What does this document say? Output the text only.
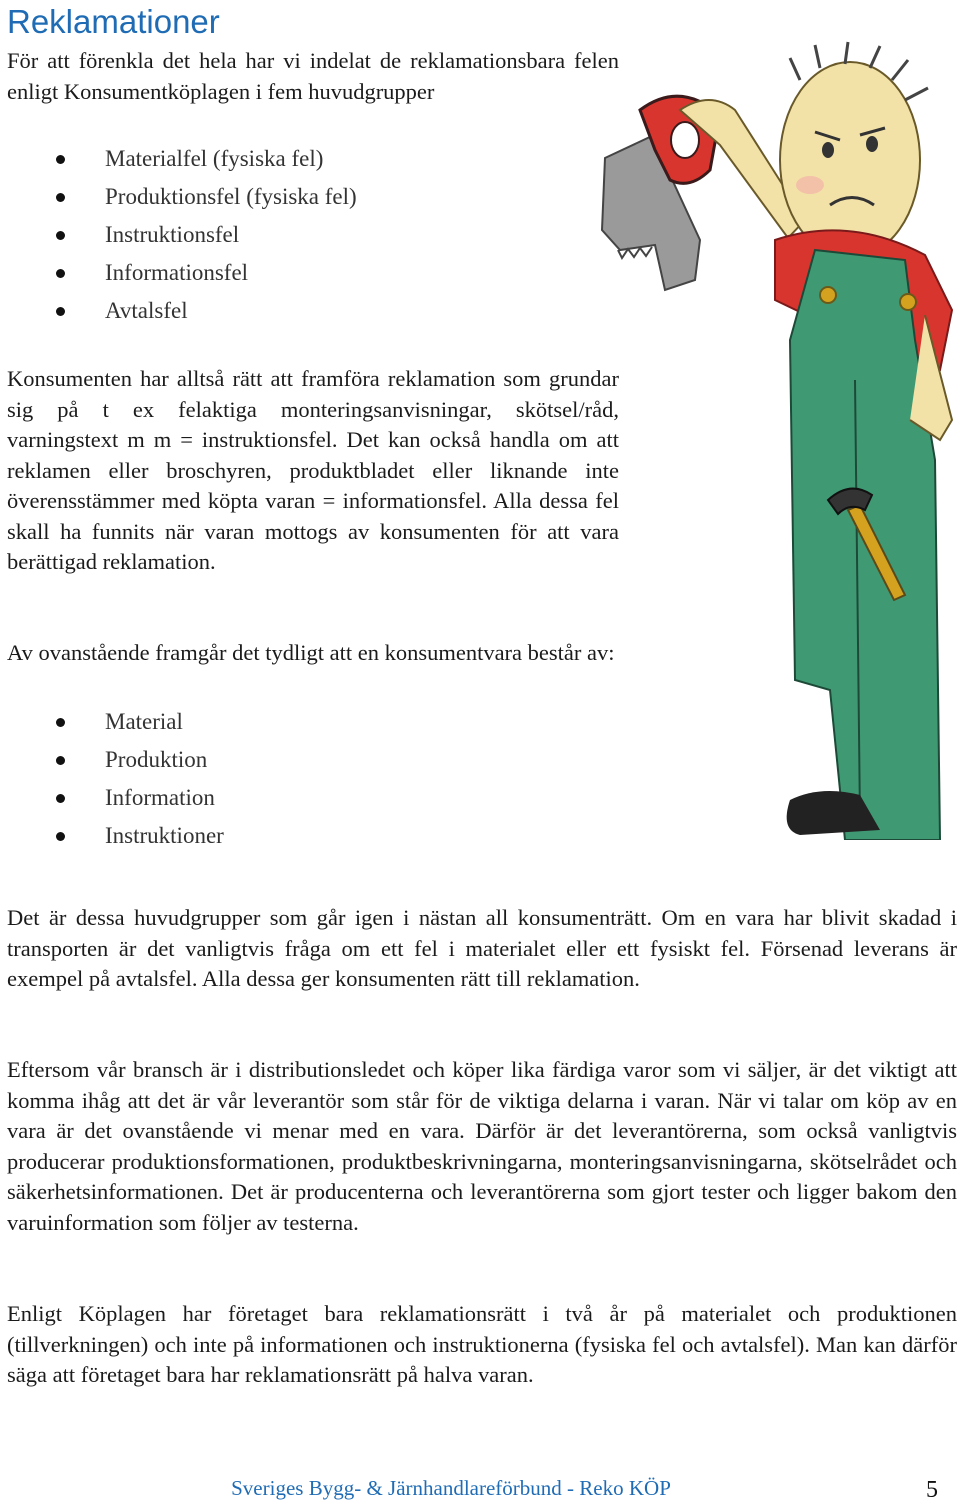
Reklamationer

För att förenkla det hela har vi indelat de reklamationsbara felen enligt Konsumentköplagen i fem huvudgrupper

Materialfel (fysiska fel)
Produktionsfel (fysiska fel)
Instruktionsfel
Informationsfel
Avtalsfel

Konsumenten har alltså rätt att framföra reklamation som grundar sig på t ex felaktiga monteringsanvisningar, skötsel/råd, varningstext m m = instruktionsfel. Det kan också handla om att reklamen eller broschyren, produktbladet eller liknande inte överensstämmer med köpta varan = informationsfel. Alla dessa fel skall ha funnits när varan mottogs av konsumenten för att vara berättigad reklamation.

Av ovanstående framgår det tydligt att en konsumentvara består av:

Material
Produktion
Information
Instruktioner

Det är dessa huvudgrupper som går igen i nästan all konsumenträtt. Om en vara har blivit skadad i transporten är det vanligtvis fråga om ett fel i materialet eller ett fysiskt fel. Försenad leverans är exempel på avtalsfel. Alla dessa ger konsumenten rätt till reklamation.

Eftersom vår bransch är i distributionsledet och köper lika färdiga varor som vi säljer, är det viktigt att komma ihåg att det är vår leverantör som står för de viktiga delarna i varan. När vi talar om köp av en vara är det ovanstående vi menar med en vara. Därför är det leverantörerna, som också vanligtvis producerar produktionsformationen, produktbeskrivningarna, monteringsanvisningarna, skötselrådet och säkerhetsinformationen. Det är producenterna och leverantörerna som gjort tester och ligger bakom den varuinformation som följer av testerna.

Enligt Köplagen har företaget bara reklamationsrätt i två år på materialet och produktionen (tillverkningen) och inte på informationen och instruktionerna (fysiska fel och avtalsfel). Man kan därför säga att företaget bara har reklamationsrätt på halva varan.

Sveriges Bygg- & Järnhandlareförbund - Reko KÖP	5
